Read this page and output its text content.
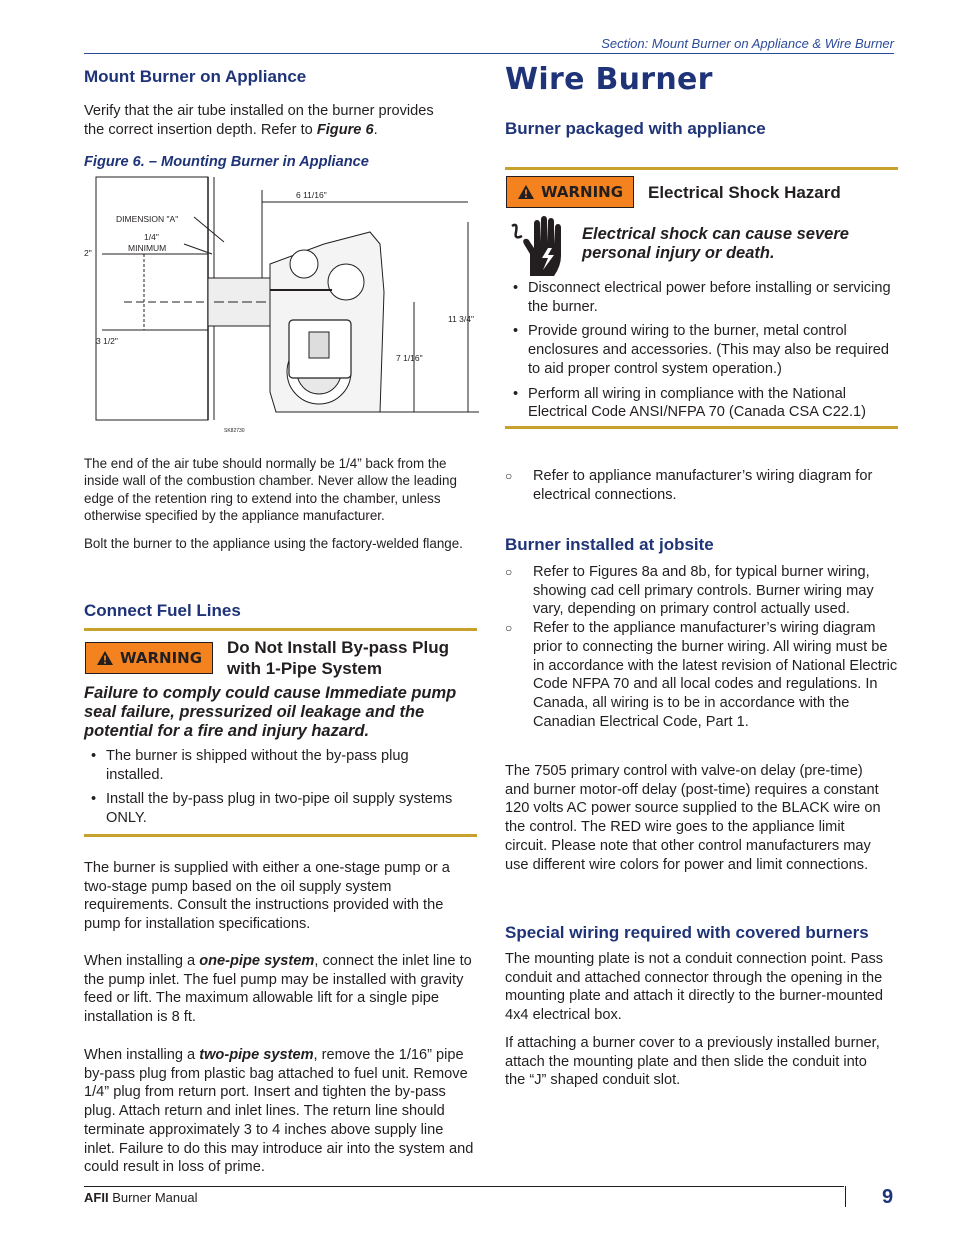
Section: Mount Burner on Appliance & Wire Burner
Mount Burner on Appliance
Verify that the air tube installed on the burner provides
the correct insertion depth. Refer to Figure 6.
Figure 6. – Mounting Burner in Appliance
DIMENSION "A"
1/4"
MINIMUM
2"
3 1/2"
6 11/16"
11 3/4"
7 1/16"
SK82730
The end of the air tube should normally be 1/4” back from the inside wall of the combustion chamber. Never allow the leading edge of the retention ring to extend into the chamber, unless otherwise specified by the appliance manufacturer.
Bolt the burner to the appliance using the factory-welded flange.
Connect Fuel Lines
WARNING
Do Not Install By-pass Plug with 1-Pipe System
Failure to comply could cause Immediate pump seal failure, pressurized oil leakage and the potential for a fire and injury hazard.
• The burner is shipped without the by-pass plug installed.
• Install the by-pass plug in two-pipe oil supply systems ONLY.
The burner is supplied with either a one-stage pump or a two-stage pump based on the oil supply system requirements. Consult the instructions provided with the pump for installation specifications.
When installing a one-pipe system, connect the inlet line to the pump inlet. The fuel pump may be installed with gravity feed or lift. The maximum allowable lift for a single pipe installation is 8 ft.
When installing a two-pipe system, remove the 1/16” pipe by-pass plug from plastic bag attached to fuel unit. Remove 1/4” plug from return port. Insert and tighten the by-pass plug. Attach return and inlet lines. The return line should terminate approximately 3 to 4 inches above supply line inlet. Failure to do this may introduce air into the system and could result in loss of prime.
Wire Burner
Burner packaged with appliance
WARNING Electrical Shock Hazard
Electrical shock can cause severe personal injury or death.
• Disconnect electrical power before installing or servicing the burner.
• Provide ground wiring to the burner, metal control enclosures and accessories. (This may also be required to aid proper control system operation.)
• Perform all wiring in compliance with the National Electrical Code ANSI/NFPA 70 (Canada CSA C22.1)
○ Refer to appliance manufacturer’s wiring diagram for electrical connections.
Burner installed at jobsite
○ Refer to Figures 8a and 8b, for typical burner wiring, showing cad cell primary controls. Burner wiring may vary, depending on primary control actually used.
○ Refer to the appliance manufacturer’s wiring diagram prior to connecting the burner wiring. All wiring must be in accordance with the latest revision of National Electric Code NFPA 70 and all local codes and regulations. In Canada, all wiring is to be in accordance with the Canadian Electrical Code, Part 1.
The 7505 primary control with valve-on delay (pre-time) and burner motor-off delay (post-time) requires a constant 120 volts AC power source supplied to the BLACK wire on the control. The RED wire goes to the appliance limit circuit. Please note that other control manufacturers may use different wire colors for power and limit connections.
Special wiring required with covered burners
The mounting plate is not a conduit connection point. Pass conduit and attached connector through the opening in the mounting plate and attach it directly to the burner-mounted 4x4 electrical box.
If attaching a burner cover to a previously installed burner, attach the mounting plate and then slide the conduit into the “J” shaped conduit slot.
AFII Burner Manual	9
